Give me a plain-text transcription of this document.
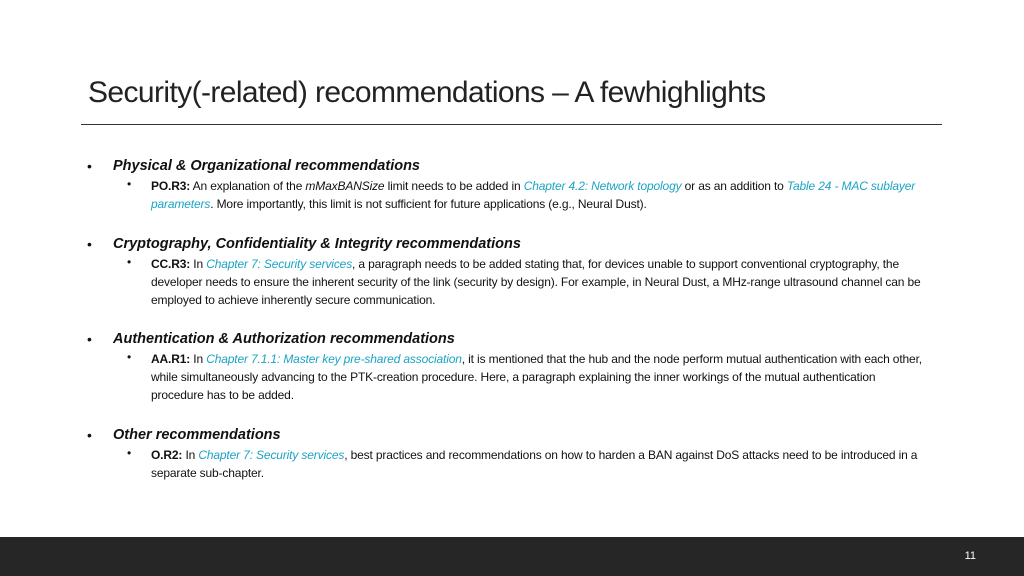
Security(-related) recommendations – A fewhighlights
• Physical & Organizational recommendations
• PO.R3: An explanation of the mMaxBANSize limit needs to be added in Chapter 4.2: Network topology or as an addition to Table 24 - MAC sublayer parameters. More importantly, this limit is not sufficient for future applications (e.g., Neural Dust).
• Cryptography, Confidentiality & Integrity recommendations
• CC.R3: In Chapter 7: Security services, a paragraph needs to be added stating that, for devices unable to support conventional cryptography, the developer needs to ensure the inherent security of the link (security by design). For example, in Neural Dust, a MHz-range ultrasound channel can be employed to achieve inherently secure communication.
• Authentication & Authorization recommendations
• AA.R1: In Chapter 7.1.1: Master key pre-shared association, it is mentioned that the hub and the node perform mutual authentication with each other, while simultaneously advancing to the PTK-creation procedure. Here, a paragraph explaining the inner workings of the mutual authentication procedure has to be added.
• Other recommendations
• O.R2: In Chapter 7: Security services, best practices and recommendations on how to harden a BAN against DoS attacks need to be introduced in a separate sub-chapter.
11
